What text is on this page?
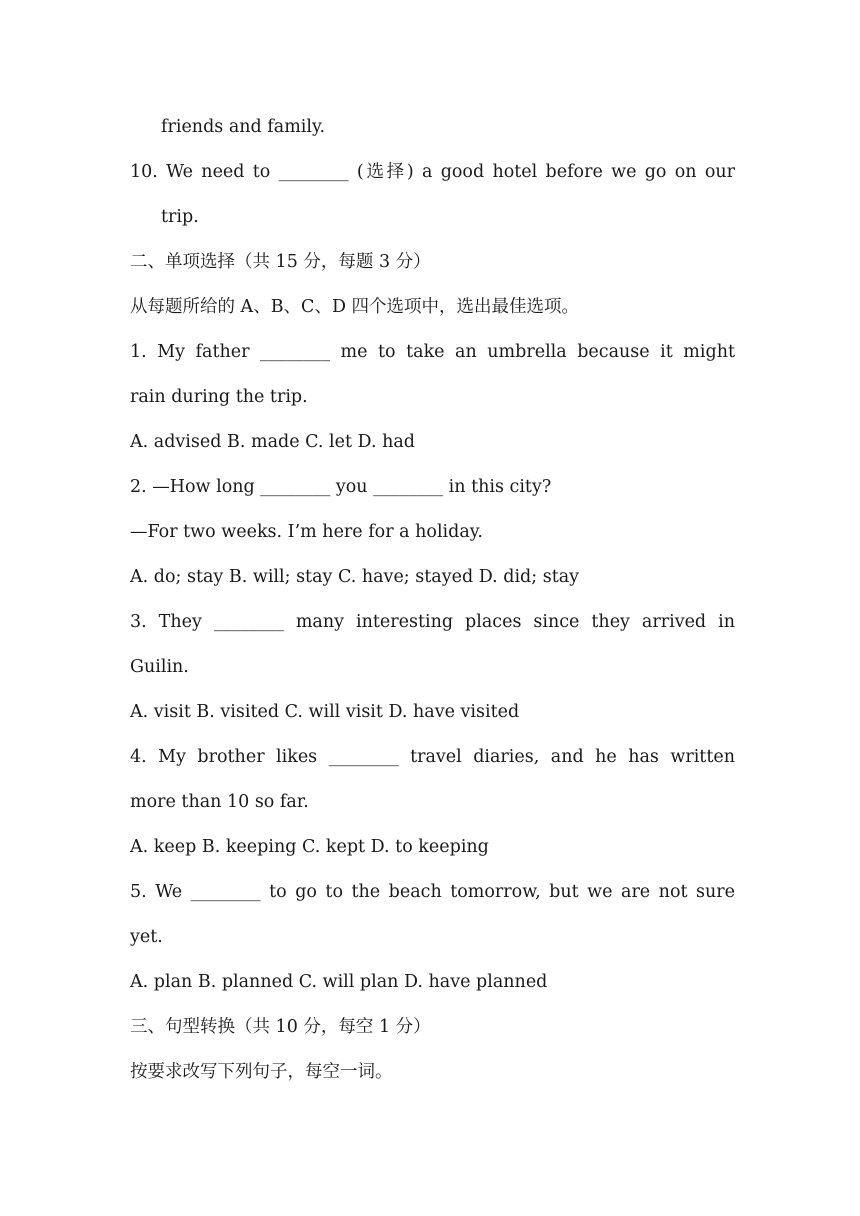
friends and family.
10. We need to ________ (选择) a good hotel before we go on our
trip.
二、单项选择（共 15 分，每题 3 分）
从每题所给的 A、B、C、D 四个选项中，选出最佳选项。
1. My father ________ me to take an umbrella because it might
rain during the trip.
A. advised B. made C. let D. had
2. —How long ________ you ________ in this city?
—For two weeks. I’m here for a holiday.
A. do; stay B. will; stay C. have; stayed D. did; stay
3. They ________ many interesting places since they arrived in
Guilin.
A. visit B. visited C. will visit D. have visited
4. My brother likes ________ travel diaries, and he has written
more than 10 so far.
A. keep B. keeping C. kept D. to keeping
5. We ________ to go to the beach tomorrow, but we are not sure
yet.
A. plan B. planned C. will plan D. have planned
三、句型转换（共 10 分，每空 1 分）
按要求改写下列句子，每空一词。
